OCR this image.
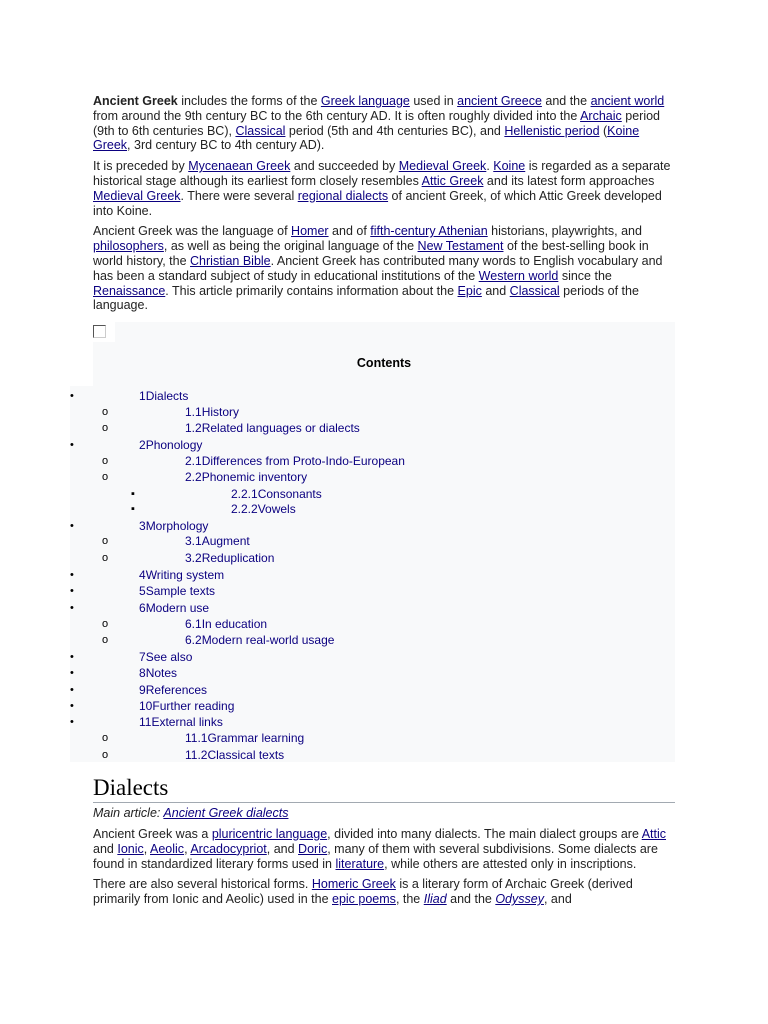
Ancient Greek includes the forms of the Greek language used in ancient Greece and the ancient world from around the 9th century BC to the 6th century AD. It is often roughly divided into the Archaic period (9th to 6th centuries BC), Classical period (5th and 4th centuries BC), and Hellenistic period (Koine Greek, 3rd century BC to 4th century AD).

It is preceded by Mycenaean Greek and succeeded by Medieval Greek. Koine is regarded as a separate historical stage although its earliest form closely resembles Attic Greek and its latest form approaches Medieval Greek. There were several regional dialects of ancient Greek, of which Attic Greek developed into Koine.

Ancient Greek was the language of Homer and of fifth-century Athenian historians, playwrights, and philosophers, as well as being the original language of the New Testament of the best-selling book in world history, the Christian Bible. Ancient Greek has contributed many words to English vocabulary and has been a standard subject of study in educational institutions of the Western world since the Renaissance. This article primarily contains information about the Epic and Classical periods of the language.

Contents
•
1Dialects
o
1.1History
o
1.2Related languages or dialects
•
2Phonology
o
2.1Differences from Proto-Indo-European
o
2.2Phonemic inventory
▪
2.2.1Consonants
▪
2.2.2Vowels
•
3Morphology
o
3.1Augment
o
3.2Reduplication
•
4Writing system
•
5Sample texts
•
6Modern use
o
6.1In education
o
6.2Modern real-world usage
•
7See also
•
8Notes
•
9References
•
10Further reading
•
11External links
o
11.1Grammar learning
o
11.2Classical texts
Dialects
Main article: Ancient Greek dialects

Ancient Greek was a pluricentric language, divided into many dialects. The main dialect groups are Attic and Ionic, Aeolic, Arcadocypriot, and Doric, many of them with several subdivisions. Some dialects are found in standardized literary forms used in literature, while others are attested only in inscriptions.

There are also several historical forms. Homeric Greek is a literary form of Archaic Greek (derived primarily from Ionic and Aeolic) used in the epic poems, the Iliad and the Odyssey, and
